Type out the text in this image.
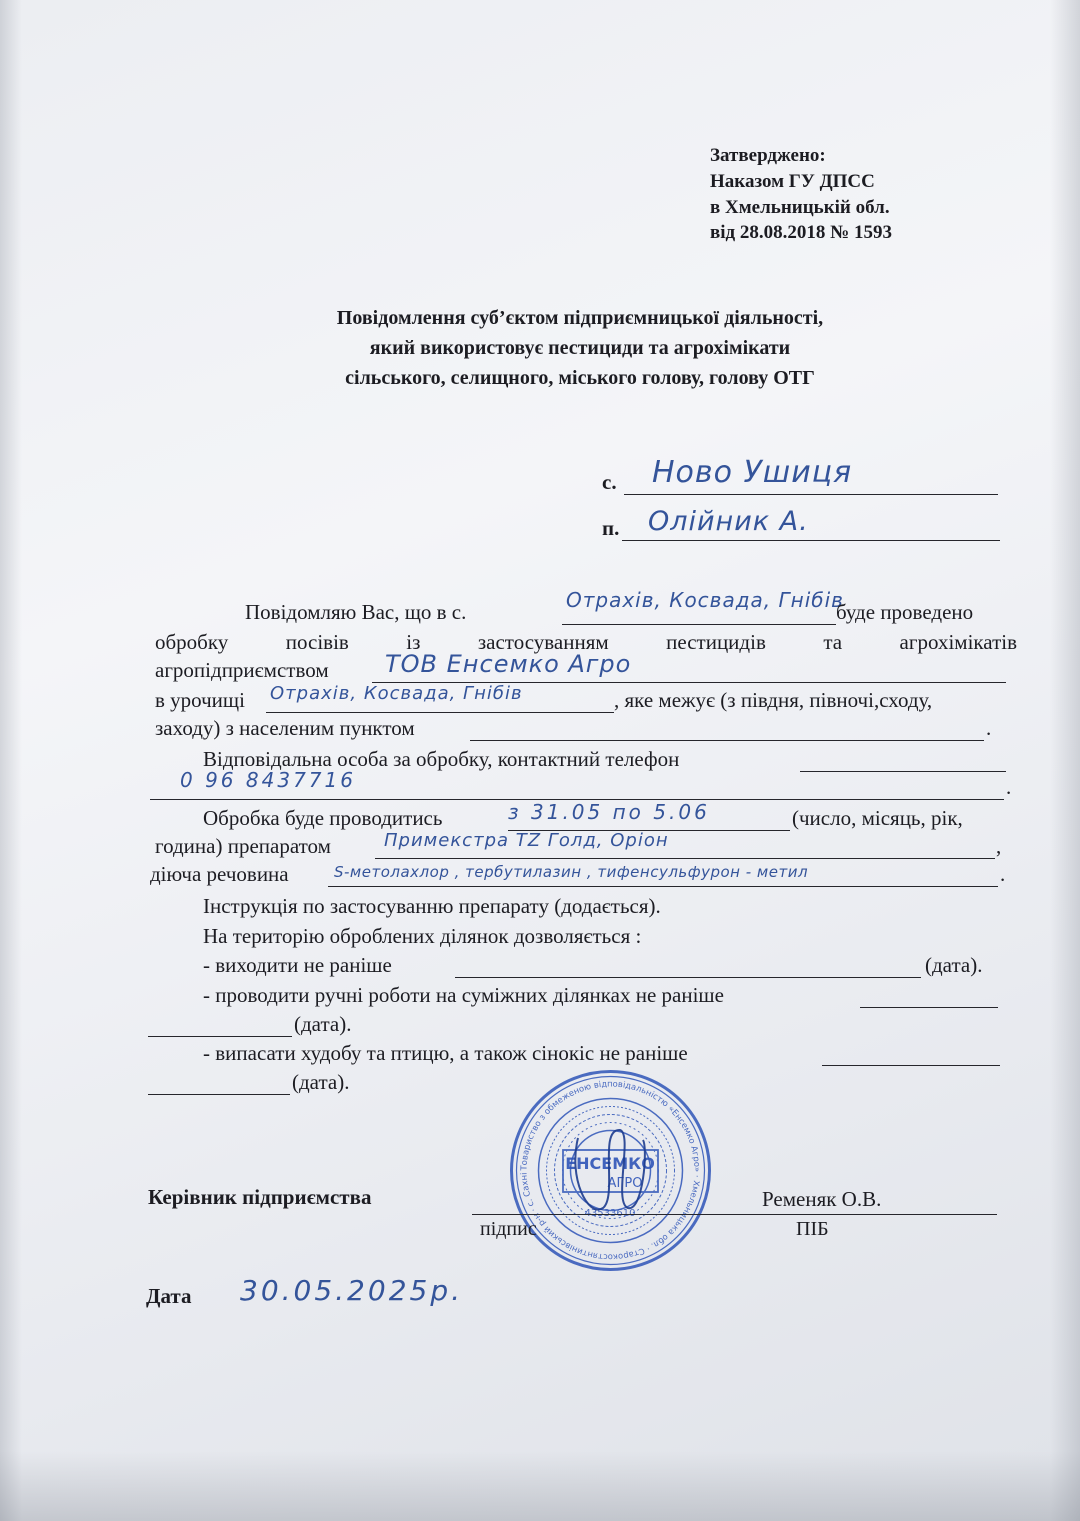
Затверджено:
Наказом ГУ ДПСС
в Хмельницькій обл.
від 28.08.2018 № 1593
Повідомлення суб’єктом підприємницької діяльності,
який використовує пестициди та агрохімікати
сільського, селищного, міського голову, голову ОТГ
с. Ново Ушиця
п. Олійник А.
Повідомляю Вас, що в с.	Отрахів, Косвада, Гнібів
буде проведено
обробку	посівів	із	застосуванням	пестицидів	та	агрохімікатів
агропідприємством ТОВ Енсемко Агро
в урочищі Отрахів, Косвада, Гнібів	, яке межує (з півдня, півночі,сходу,
заходу) з населеним пунктом	.
Відповідальна особа за обробку, контактний телефон
0 96 8437716	.
Обробка буде проводитись	з 31.05 по 5.06	(число, місяць, рік,
година) препаратом	Примекстра TZ Голд, Оріон	,
діюча речовина	S-метолахлор , тербутилазин , тифенсульфурон - метил	.
Інструкція по застосуванню препарату (додається).
На територію оброблених ділянок дозволяється :
- виходити не раніше	(дата).
- проводити ручні роботи на суміжних ділянках не раніше
(дата).
- випасати худобу та птицю, а також сінокіс не раніше
(дата).
Товариство з обмеженою відповідальністю «Енсемко Агро» · Хмельницька обл. · Старокостянтинівський р-н · с. Сахні
ЕНСЕМКО
АГРО
43533610
Керівник підприємства	Ременяк О.В.
підпис	ПІБ
Дата 30.05.2025р.
